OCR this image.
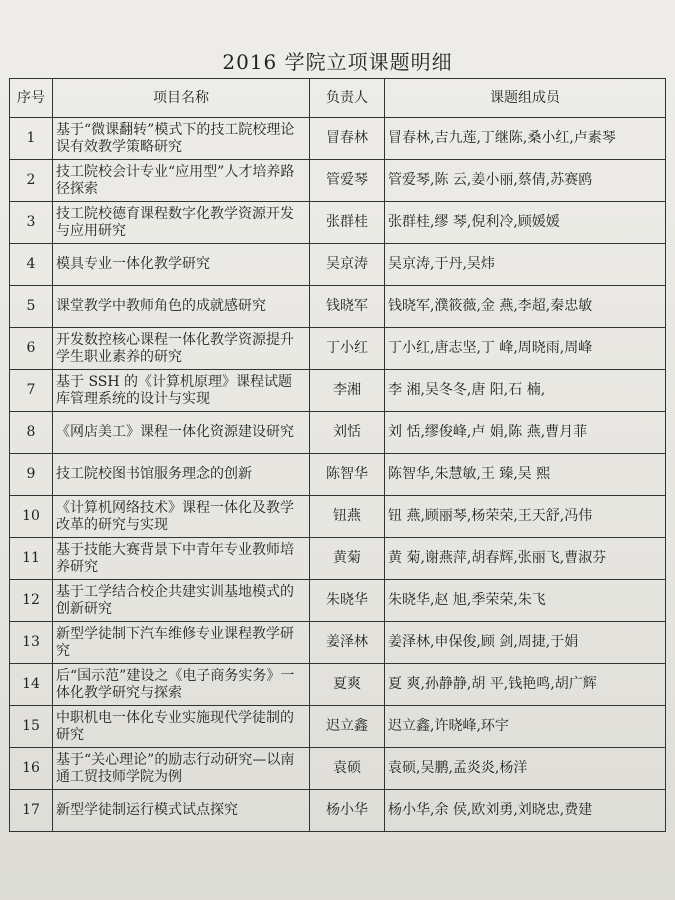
2016 学院立项课题明细
序号	项目名称	负责人	课题组成员
1	基于“微课翻转”模式下的技工院校理论误有效教学策略研究	冒春林	冒春林,吉九莲,丁继陈,桑小红,卢素琴
2	技工院校会计专业“应用型”人才培养路径探索	管爱琴	管爱琴,陈 云,姜小丽,蔡倩,苏赛鸥
3	技工院校德育课程数字化教学资源开发与应用研究	张群桂	张群桂,缪 琴,倪利冷,顾媛媛
4	模具专业一体化教学研究	吴京涛	吴京涛,于丹,吴炜
5	课堂教学中教师角色的成就感研究	钱晓军	钱晓军,濮筱薇,金 燕,李超,秦忠敏
6	开发数控核心课程一体化教学资源提升学生职业素养的研究	丁小红	丁小红,唐志坚,丁 峰,周晓雨,周峰
7	基于 SSH 的《计算机原理》课程试题库管理系统的设计与实现	李湘	李 湘,吴冬冬,唐 阳,石 楠,
8	《网店美工》课程一体化资源建设研究	刘恬	刘 恬,缪俊峰,卢 娟,陈 燕,曹月菲
9	技工院校图书馆服务理念的创新	陈智华	陈智华,朱慧敏,王 臻,吴 熙
10	《计算机网络技术》课程一体化及教学改革的研究与实现	钮燕	钮 燕,顾丽琴,杨荣荣,王天舒,冯伟
11	基于技能大赛背景下中青年专业教师培养研究	黄菊	黄 菊,谢燕萍,胡春辉,张丽飞,曹淑芬
12	基于工学结合校企共建实训基地模式的创新研究	朱晓华	朱晓华,赵 旭,季荣荣,朱飞
13	新型学徒制下汽车维修专业课程教学研究	姜泽林	姜泽林,申保俊,顾 剑,周捷,于娟
14	后“国示范”建设之《电子商务实务》一体化教学研究与探索	夏爽	夏 爽,孙静静,胡 平,钱艳鸣,胡广辉
15	中职机电一体化专业实施现代学徒制的研究	迟立鑫	迟立鑫,许晓峰,环宇
16	基于“关心理论”的励志行动研究—以南通工贸技师学院为例	袁硕	袁硕,吴鹏,孟炎炎,杨洋
17	新型学徒制运行模式试点探究	杨小华	杨小华,余 侯,欧刘勇,刘晓忠,费建
